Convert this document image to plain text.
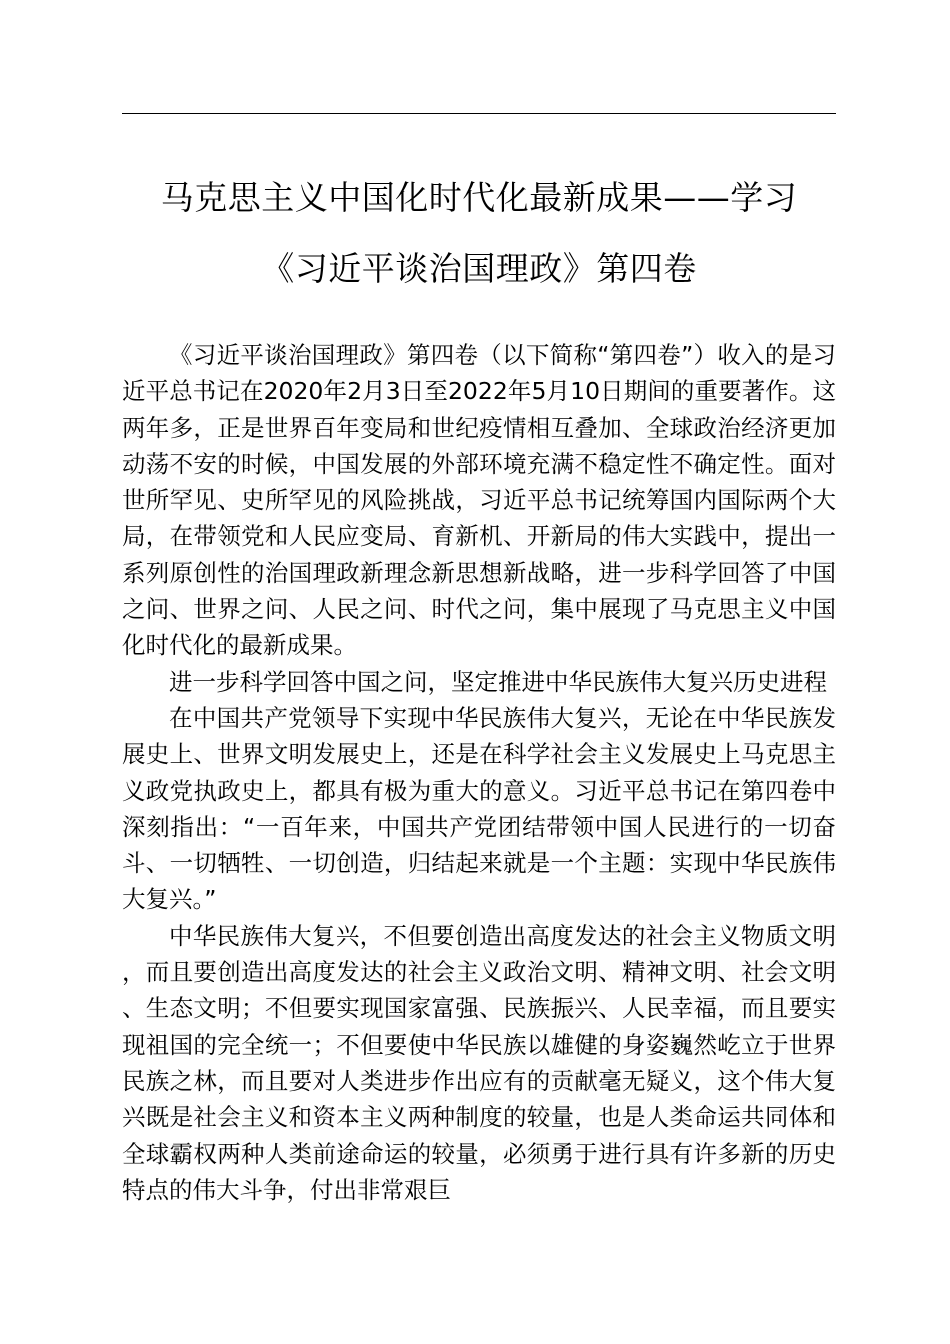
马克思主义中国化时代化最新成果——学习
《习近平谈治国理政》第四卷

《习近平谈治国理政》第四卷（以下简称“第四卷”）收入的是习近平总书记在2020年2月3日至2022年5月10日期间的重要著作。这两年多，正是世界百年变局和世纪疫情相互叠加、全球政治经济更加动荡不安的时候，中国发展的外部环境充满不稳定性不确定性。面对世所罕见、史所罕见的风险挑战，习近平总书记统筹国内国际两个大局，在带领党和人民应变局、育新机、开新局的伟大实践中，提出一系列原创性的治国理政新理念新思想新战略，进一步科学回答了中国之问、世界之问、人民之问、时代之问，集中展现了马克思主义中国化时代化的最新成果。

进一步科学回答中国之问，坚定推进中华民族伟大复兴历史进程

在中国共产党领导下实现中华民族伟大复兴，无论在中华民族发展史上、世界文明发展史上，还是在科学社会主义发展史上马克思主义政党执政史上，都具有极为重大的意义。习近平总书记在第四卷中深刻指出：“一百年来，中国共产党团结带领中国人民进行的一切奋斗、一切牺牲、一切创造，归结起来就是一个主题：实现中华民族伟大复兴。”

中华民族伟大复兴，不但要创造出高度发达的社会主义物质文明，而且要创造出高度发达的社会主义政治文明、精神文明、社会文明、生态文明；不但要实现国家富强、民族振兴、人民幸福，而且要实现祖国的完全统一；不但要使中华民族以雄健的身姿巍然屹立于世界民族之林，而且要对人类进步作出应有的贡献毫无疑义，这个伟大复兴既是社会主义和资本主义两种制度的较量，也是人类命运共同体和全球霸权两种人类前途命运的较量，必须勇于进行具有许多新的历史特点的伟大斗争，付出非常艰巨
